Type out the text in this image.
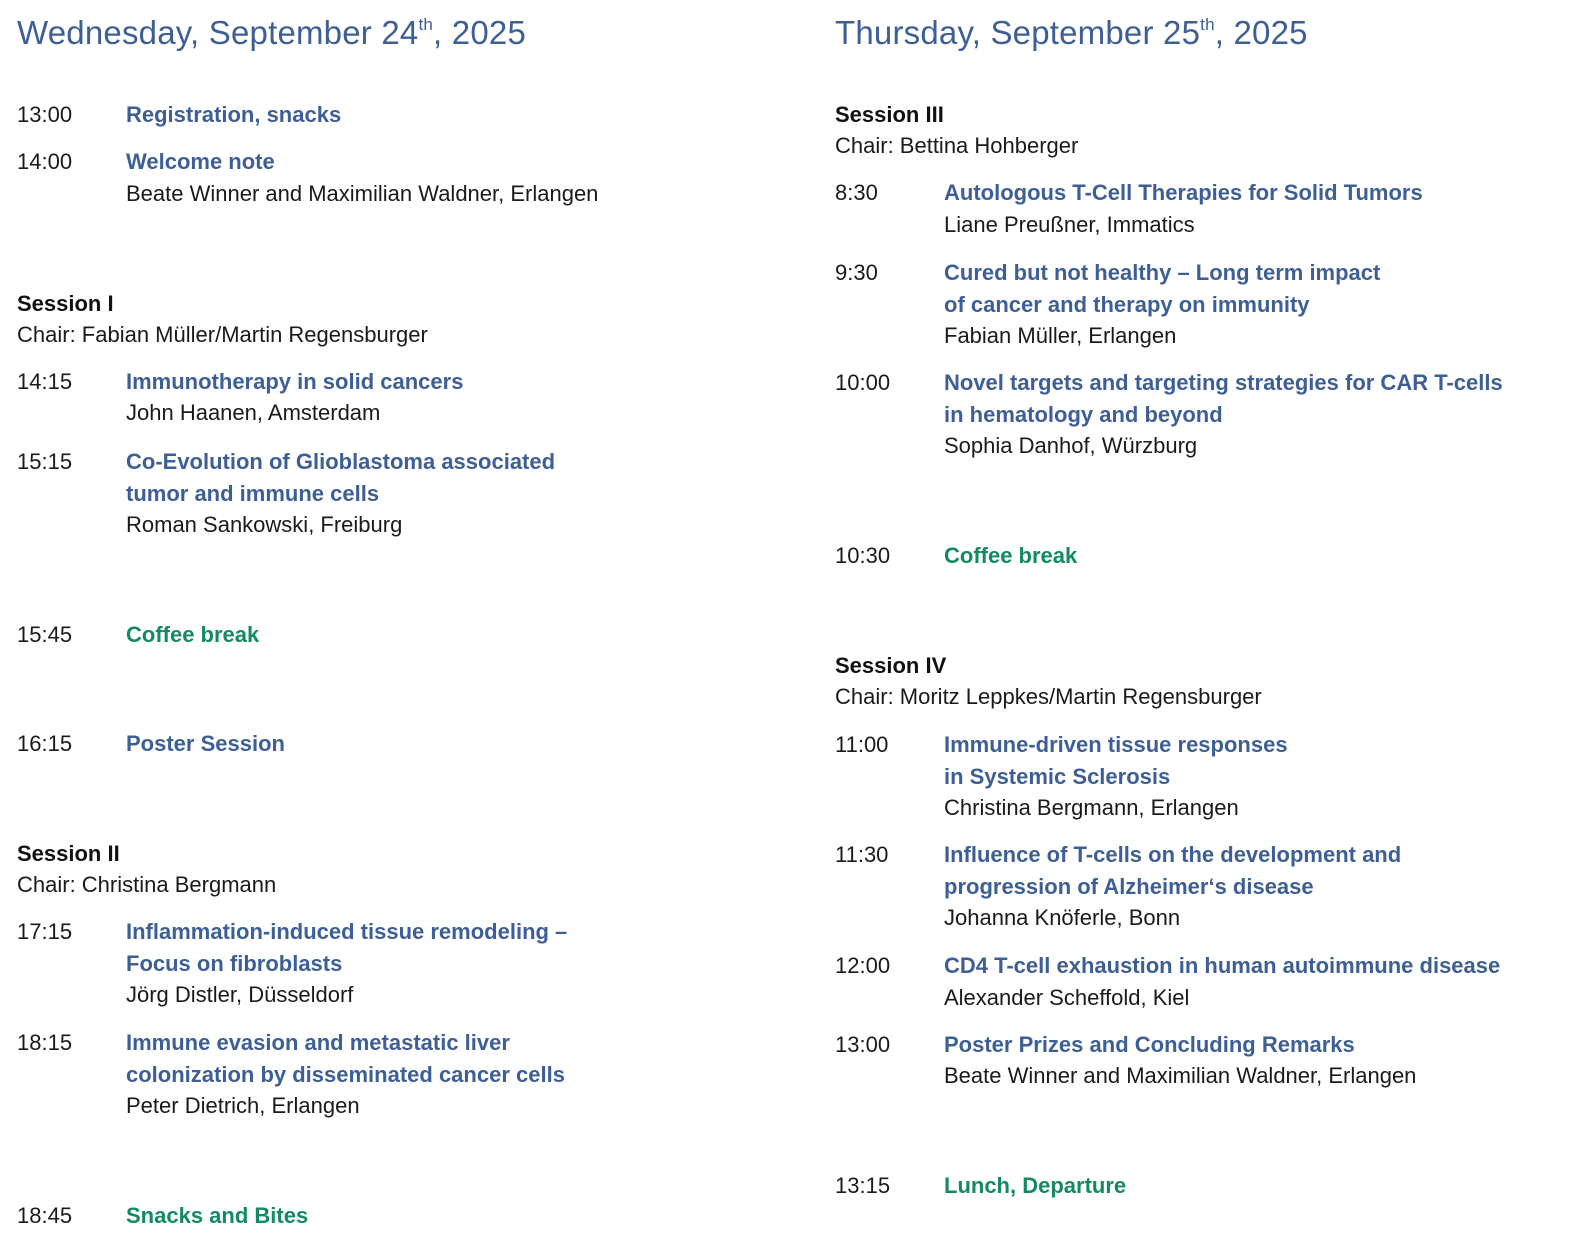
Wednesday, September 24th, 2025
13:00 Registration, snacks
14:00 Welcome note
Beate Winner and Maximilian Waldner, Erlangen
Session I
Chair: Fabian Müller/Martin Regensburger
14:15 Immunotherapy in solid cancers
John Haanen, Amsterdam
15:15 Co-Evolution of Glioblastoma associated
tumor and immune cells
Roman Sankowski, Freiburg
15:45 Coffee break
16:15 Poster Session
Session II
Chair: Christina Bergmann
17:15 Inflammation-induced tissue remodeling –
Focus on fibroblasts
Jörg Distler, Düsseldorf
18:15 Immune evasion and metastatic liver
colonization by disseminated cancer cells
Peter Dietrich, Erlangen
18:45 Snacks and Bites
Thursday, September 25th, 2025
Session III
Chair: Bettina Hohberger
8:30	Autologous T-Cell Therapies for Solid Tumors
Liane Preußner, Immatics
9:30	Cured but not healthy – Long term impact
of cancer and therapy on immunity
Fabian Müller, Erlangen
10:00 Novel targets and targeting strategies for CAR T-cells
in hematology and beyond
Sophia Danhof, Würzburg
10:30 Coffee break
Session IV
Chair: Moritz Leppkes/Martin Regensburger
11:00	Immune-driven tissue responses
in Systemic Sclerosis
Christina Bergmann, Erlangen
11:30	Influence of T-cells on the development and
progression of Alzheimer‘s disease
Johanna Knöferle, Bonn
12:00 CD4 T-cell exhaustion in human autoimmune disease
Alexander Scheffold, Kiel
13:00 Poster Prizes and Concluding Remarks
Beate Winner and Maximilian Waldner, Erlangen
13:15 Lunch, Departure
